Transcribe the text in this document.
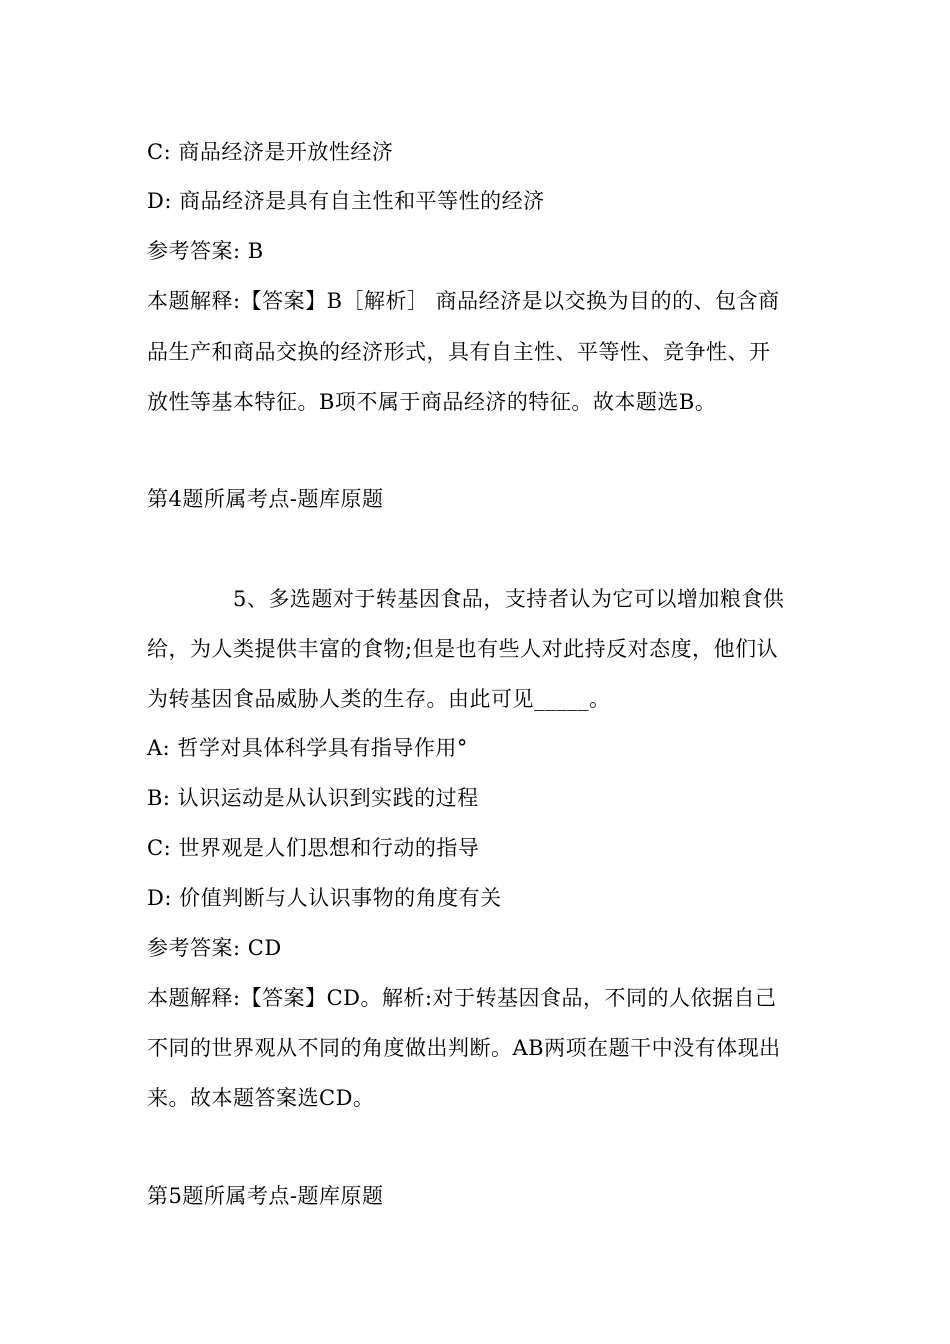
C: 商品经济是开放性经济
D: 商品经济是具有自主性和平等性的经济
参考答案: B
本题解释:【答案】B［解析］ 商品经济是以交换为目的的、包含商
品生产和商品交换的经济形式，具有自主性、平等性、竞争性、开
放性等基本特征。B项不属于商品经济的特征。故本题选B。
第4题所属考点-题库原题
5、多选题对于转基因食品，支持者认为它可以增加粮食供
给，为人类提供丰富的食物;但是也有些人对此持反对态度，他们认
为转基因食品威胁人类的生存。由此可见_____。
A: 哲学对具体科学具有指导作用°
B: 认识运动是从认识到实践的过程
C: 世界观是人们思想和行动的指导
D: 价值判断与人认识事物的角度有关
参考答案: CD
本题解释:【答案】CD。解析:对于转基因食品，不同的人依据自己
不同的世界观从不同的角度做出判断。AB两项在题干中没有体现出
来。故本题答案选CD。
第5题所属考点-题库原题
